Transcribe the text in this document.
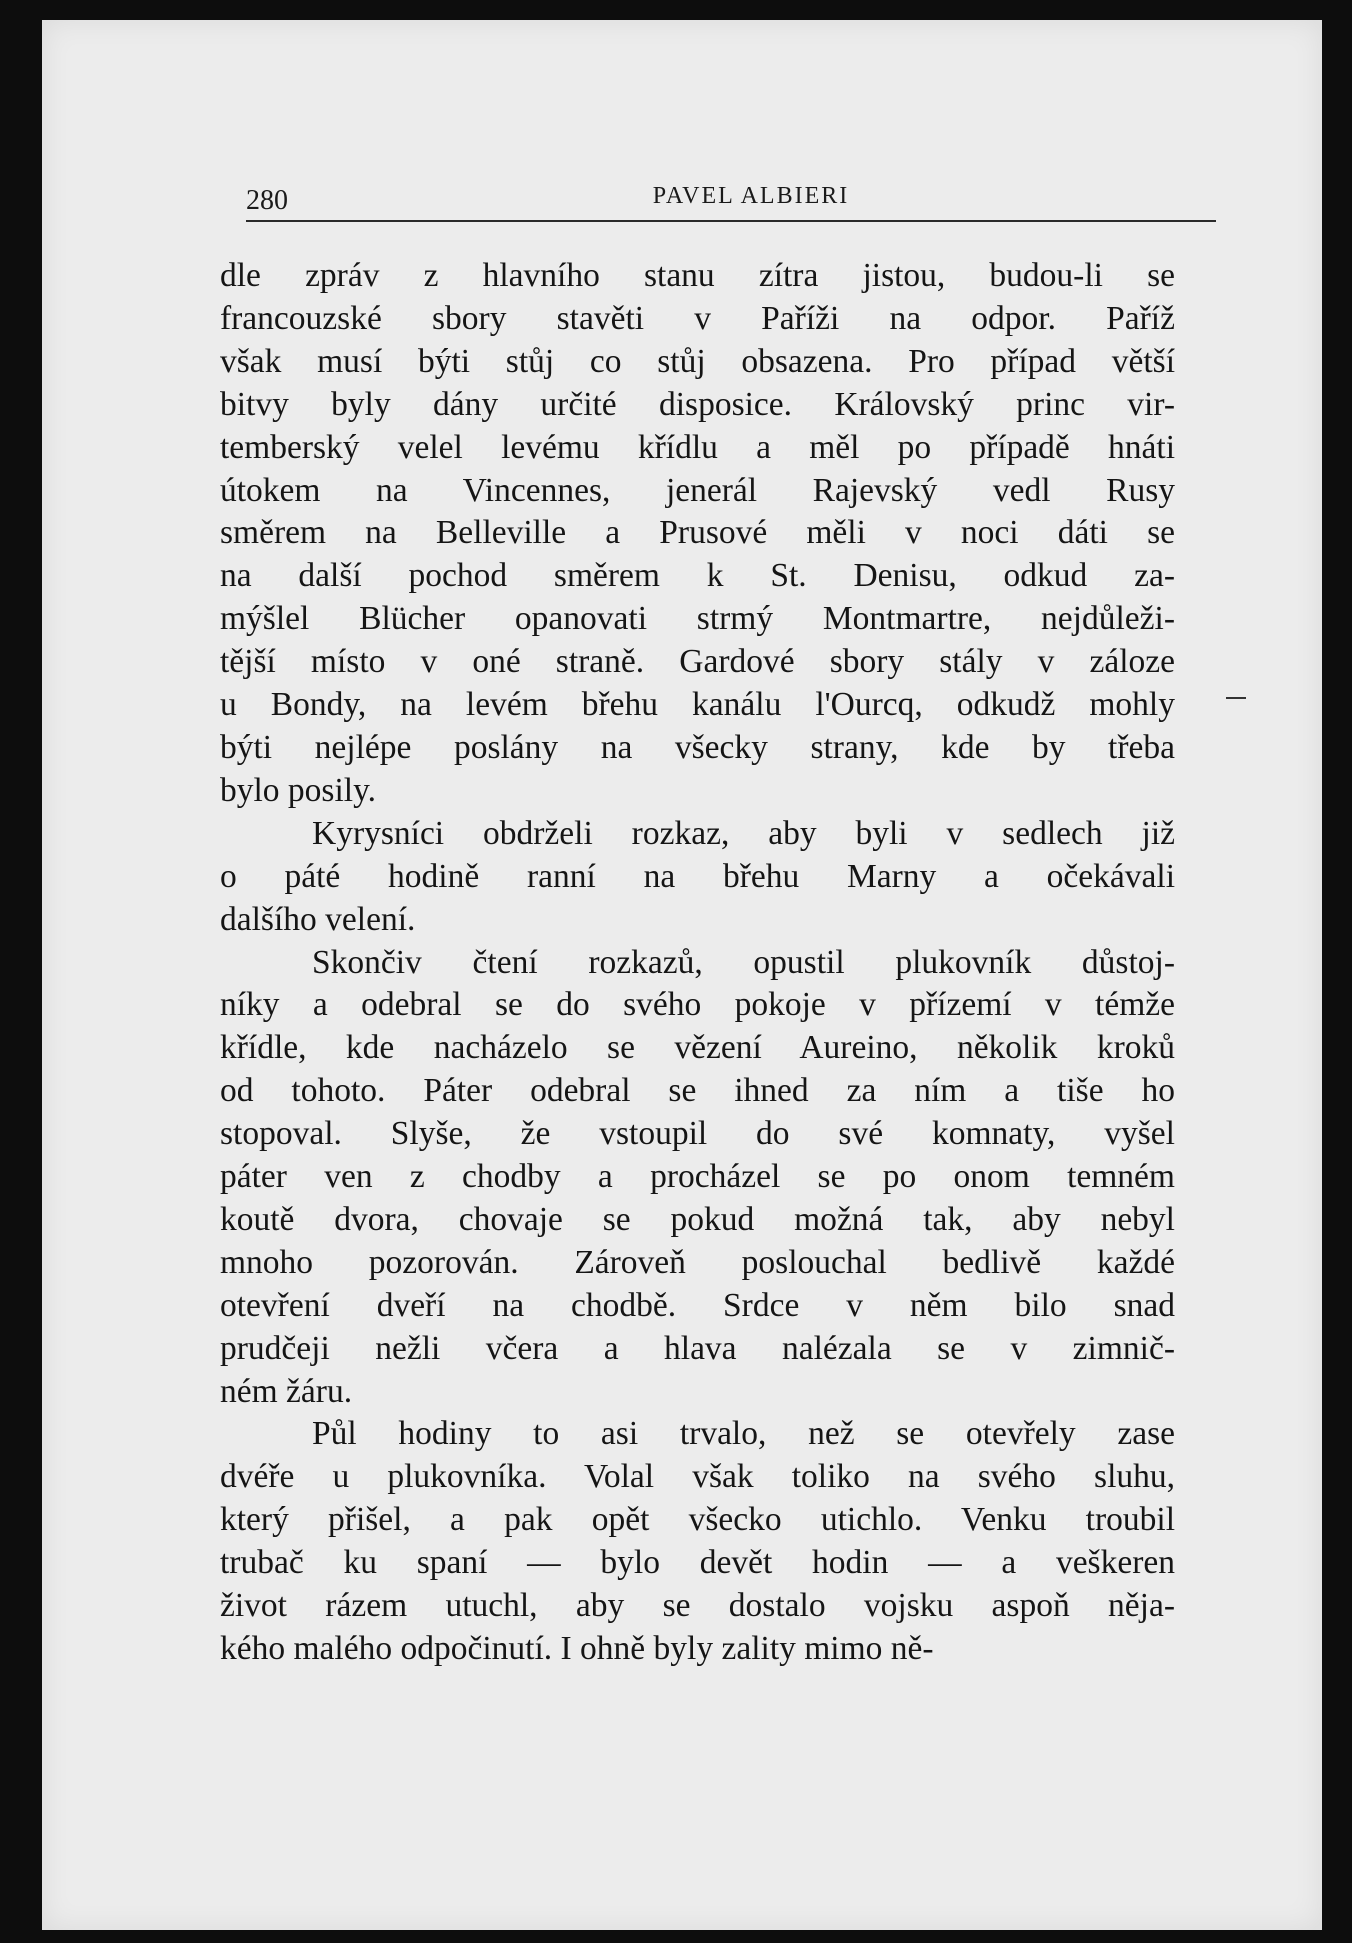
280	PAVEL ALBIERI

dle zpráv z hlavního stanu zítra jistou, budou-li se
francouzské sbory stavěti v Paříži na odpor. Paříž
však musí býti stůj co stůj obsazena. Pro případ větší
bitvy byly dány určité disposice. Královský princ vir-
temberský velel levému křídlu a měl po případě hnáti
útokem na Vincennes, jenerál Rajevský vedl Rusy
směrem na Belleville a Prusové měli v noci dáti se
na další pochod směrem k St. Denisu, odkud za-
mýšlel Blücher opanovati strmý Montmartre, nejdůleži-
tější místo v oné straně. Gardové sbory stály v záloze
u Bondy, na levém břehu kanálu l'Ourcq, odkudž mohly
býti nejlépe poslány na všecky strany, kde by třeba
bylo posily.

Kyrysníci obdrželi rozkaz, aby byli v sedlech již
o páté hodině ranní na břehu Marny a očekávali
dalšího velení.

Skončiv čtení rozkazů, opustil plukovník důstoj-
níky a odebral se do svého pokoje v přízemí v témže
křídle, kde nacházelo se vězení Aureino, několik kroků
od tohoto. Páter odebral se ihned za ním a tiše ho
stopoval. Slyše, že vstoupil do své komnaty, vyšel
páter ven z chodby a procházel se po onom temném
koutě dvora, chovaje se pokud možná tak, aby nebyl
mnoho pozorován. Zároveň poslouchal bedlivě každé
otevření dveří na chodbě. Srdce v něm bilo snad
prudčeji nežli včera a hlava nalézala se v zimnič-
ném žáru.

Půl hodiny to asi trvalo, než se otevřely zase
dvéře u plukovníka. Volal však toliko na svého sluhu,
který přišel, a pak opět všecko utichlo. Venku troubil
trubač ku spaní — bylo devět hodin — a veškeren
život rázem utuchl, aby se dostalo vojsku aspoň něja-
kého malého odpočinutí. I ohně byly zality mimo ně-
